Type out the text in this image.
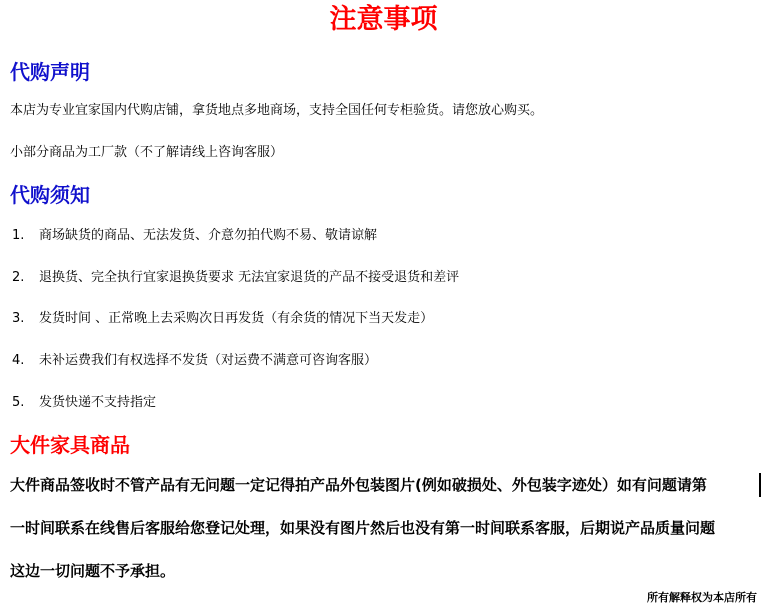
注意事项
代购声明
本店为专业宜家国内代购店铺，拿货地点多地商场，支持全国任何专柜验货。请您放心购买。
小部分商品为工厂款（不了解请线上咨询客服）
代购须知
1. 商场缺货的商品、无法发货、介意勿拍代购不易、敬请谅解
2. 退换货、完全执行宜家退换货要求 无法宜家退货的产品不接受退货和差评
3. 发货时间 、正常晚上去采购次日再发货（有余货的情况下当天发走）
4. 未补运费我们有权选择不发货（对运费不满意可咨询客服）
5. 发货快递不支持指定
大件家具商品
大件商品签收时不管产品有无问题一定记得拍产品外包装图片(例如破损处、外包装字迹处）如有问题请第
一时间联系在线售后客服给您登记处理，如果没有图片然后也没有第一时间联系客服，后期说产品质量问题
这边一切问题不予承担。
所有解释权为本店所有
